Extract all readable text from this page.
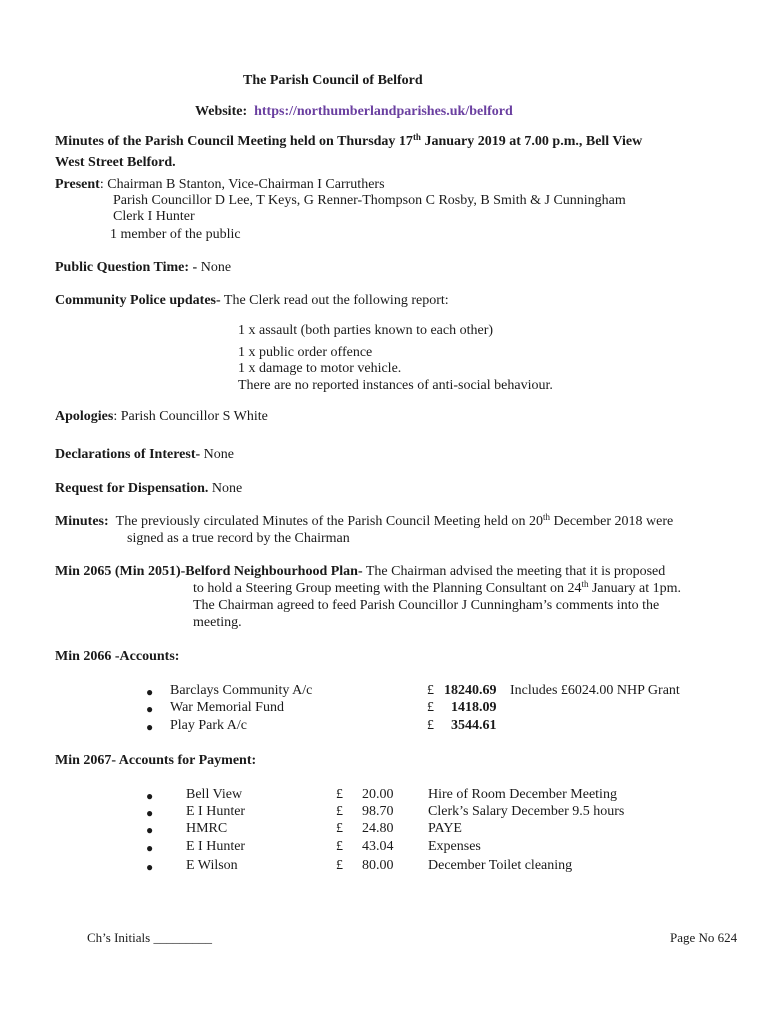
The Parish Council of Belford
Website: https://northumberlandparishes.uk/belford
Minutes of the Parish Council Meeting held on Thursday 17th January 2019 at 7.00 p.m., Bell View
West Street Belford.
Present: Chairman B Stanton, Vice-Chairman I Carruthers
Parish Councillor D Lee, T Keys, G Renner-Thompson C Rosby, B Smith & J Cunningham
Clerk I Hunter
1 member of the public
Public Question Time: - None
Community Police updates- The Clerk read out the following report:
1 x assault (both parties known to each other)
1 x public order offence
1 x damage to motor vehicle.
There are no reported instances of anti-social behaviour.
Apologies: Parish Councillor S White
Declarations of Interest- None
Request for Dispensation. None
Minutes: The previously circulated Minutes of the Parish Council Meeting held on 20th December 2018 were
signed as a true record by the Chairman
Min 2065 (Min 2051)-Belford Neighbourhood Plan- The Chairman advised the meeting that it is proposed
to hold a Steering Group meeting with the Planning Consultant on 24th January at 1pm.
The Chairman agreed to feed Parish Councillor J Cunningham’s comments into the
meeting.
Min 2066 -Accounts:
● Barclays Community A/c	£ 18240.69 Includes £6024.00 NHP Grant
● War Memorial Fund	£ 1418.09
● Play Park A/c	£ 3544.61
Min 2067- Accounts for Payment:
● Bell View	£ 20.00 Hire of Room December Meeting
● E I Hunter	£ 98.70 Clerk’s Salary December 9.5 hours
● HMRC	£ 24.80 PAYE
● E I Hunter	£ 43.04 Expenses
● E Wilson	£ 80.00 December Toilet cleaning
Ch’s Initials _________	Page No 624
